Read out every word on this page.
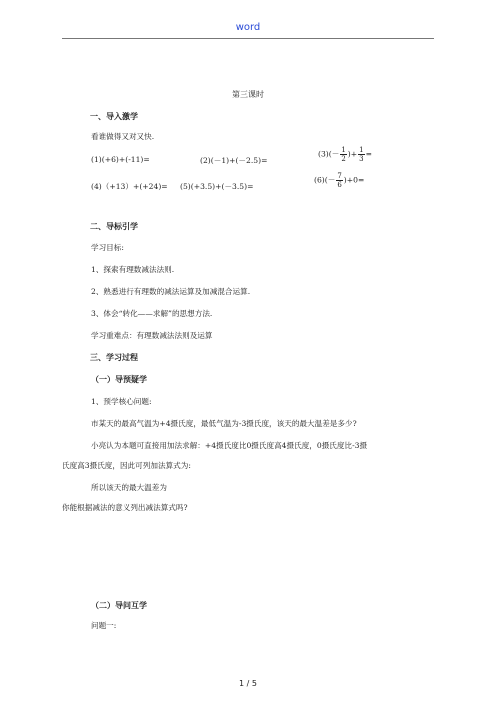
word
第三课时
一、导入激学
看谁做得又对又快.
(1)(+6)+(-11)=	(2)(－1)+(－2.5)=
$(3)(- \frac{1}{2}$ )+ $\frac{1}{3}$ =
(4)（+13）+(+24)= (5)(+3.5)+(－3.5)=
$(6)(- \frac{7}{6} )+0=$
二、导标引学
学习目标:
1、探索有理数减法法则.
2、熟悉进行有理数的减法运算及加减混合运算.
3、体会“转化——求解”的思想方法.
学习重难点：有理数减法法则及运算
三、学习过程
（一）导预疑学
1、预学核心问题:
市某天的最高气温为+4摄氏度，最低气温为-3摄氏度，该天的最大温差是多少?
小亮认为本题可直接用加法求解：+4摄氏度比0摄氏度高4摄氏度，0摄氏度比-3摄
氏度高3摄氏度，因此可列加法算式为:
所以该天的最大温差为
你能根据减法的意义列出减法算式吗?
（二）导问互学
问题一:
1 / 5
